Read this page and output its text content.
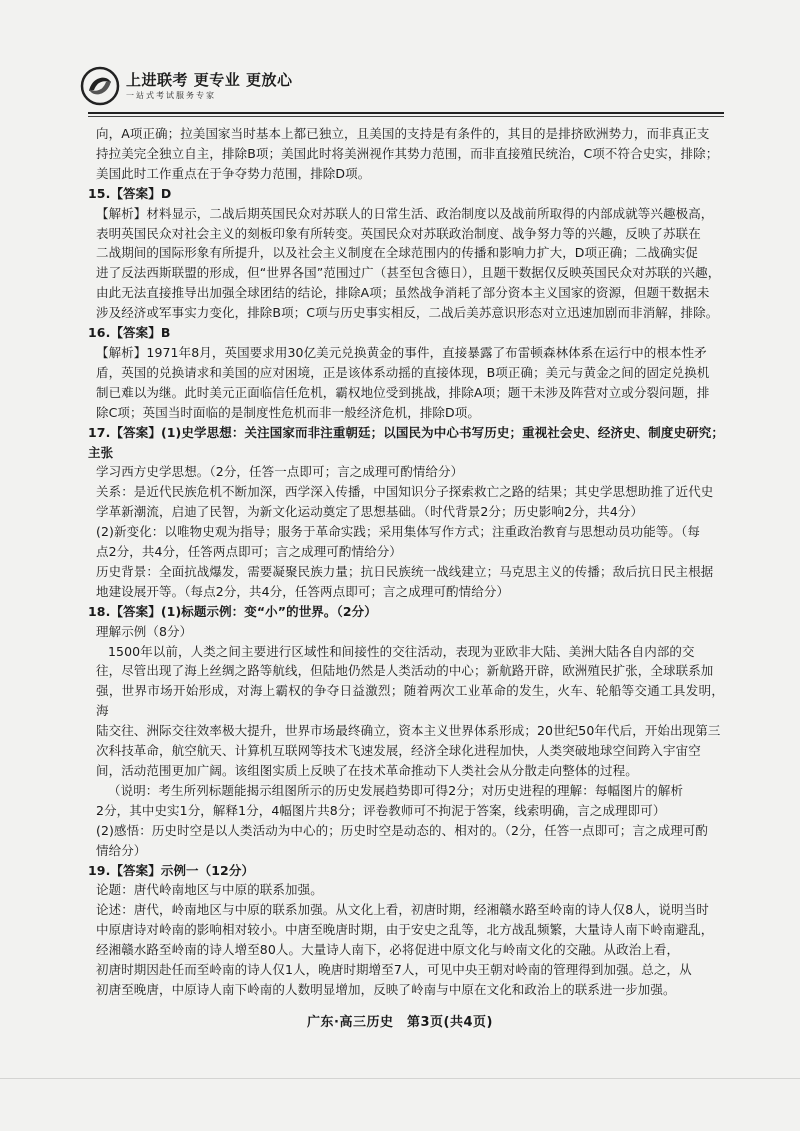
上进联考 更专业 更放心
一站式考试服务专家

向，A项正确；拉美国家当时基本上都已独立，且美国的支持是有条件的，其目的是排挤欧洲势力，而非真正支

持拉美完全独立自主，排除B项；美国此时将美洲视作其势力范围，而非直接殖民统治，C项不符合史实，排除；

美国此时工作重点在于争夺势力范围，排除D项。

15.【答案】D

【解析】材料显示，二战后期英国民众对苏联人的日常生活、政治制度以及战前所取得的内部成就等兴趣极高，

表明英国民众对社会主义的刻板印象有所转变。英国民众对苏联政治制度、战争努力等的兴趣，反映了苏联在

二战期间的国际形象有所提升，以及社会主义制度在全球范围内的传播和影响力扩大，D项正确；二战确实促

进了反法西斯联盟的形成，但“世界各国”范围过广（甚至包含德日），且题干数据仅反映英国民众对苏联的兴趣，

由此无法直接推导出加强全球团结的结论，排除A项；虽然战争消耗了部分资本主义国家的资源，但题干数据未

涉及经济或军事实力变化，排除B项；C项与历史事实相反，二战后美苏意识形态对立迅速加剧而非消解，排除。

16.【答案】B

【解析】1971年8月，英国要求用30亿美元兑换黄金的事件，直接暴露了布雷顿森林体系在运行中的根本性矛

盾，英国的兑换请求和美国的应对困境，正是该体系动摇的直接体现，B项正确；美元与黄金之间的固定兑换机

制已难以为继。此时美元正面临信任危机，霸权地位受到挑战，排除A项；题干未涉及阵营对立或分裂问题，排

除C项；英国当时面临的是制度性危机而非一般经济危机，排除D项。

17.【答案】(1)史学思想：关注国家而非注重朝廷；以国民为中心书写历史；重视社会史、经济史、制度史研究；主张

学习西方史学思想。（2分，任答一点即可；言之成理可酌情给分）

关系：是近代民族危机不断加深，西学深入传播，中国知识分子探索救亡之路的结果；其史学思想助推了近代史

学革新潮流，启迪了民智，为新文化运动奠定了思想基础。（时代背景2分；历史影响2分，共4分）

(2)新变化：以唯物史观为指导；服务于革命实践；采用集体写作方式；注重政治教育与思想动员功能等。（每

点2分，共4分，任答两点即可；言之成理可酌情给分）

历史背景：全面抗战爆发，需要凝聚民族力量；抗日民族统一战线建立；马克思主义的传播；敌后抗日民主根据

地建设展开等。（每点2分，共4分，任答两点即可；言之成理可酌情给分）

18.【答案】(1)标题示例：变“小”的世界。（2分）

理解示例（8分）

1500年以前，人类之间主要进行区域性和间接性的交往活动，表现为亚欧非大陆、美洲大陆各自内部的交

往，尽管出现了海上丝绸之路等航线，但陆地仍然是人类活动的中心；新航路开辟，欧洲殖民扩张，全球联系加

强，世界市场开始形成，对海上霸权的争夺日益激烈；随着两次工业革命的发生，火车、轮船等交通工具发明，海

陆交往、洲际交往效率极大提升，世界市场最终确立，资本主义世界体系形成；20世纪50年代后，开始出现第三

次科技革命，航空航天、计算机互联网等技术飞速发展，经济全球化进程加快，人类突破地球空间跨入宇宙空

间，活动范围更加广阔。该组图实质上反映了在技术革命推动下人类社会从分散走向整体的过程。

（说明：考生所列标题能揭示组图所示的历史发展趋势即可得2分；对历史进程的理解：每幅图片的解析

2分，其中史实1分，解释1分，4幅图片共8分；评卷教师可不拘泥于答案，线索明确，言之成理即可）

(2)感悟：历史时空是以人类活动为中心的；历史时空是动态的、相对的。（2分，任答一点即可；言之成理可酌

情给分）

19.【答案】示例一（12分）

论题：唐代岭南地区与中原的联系加强。

论述：唐代，岭南地区与中原的联系加强。从文化上看，初唐时期，经湘赣水路至岭南的诗人仅8人，说明当时

中原唐诗对岭南的影响相对较小。中唐至晚唐时期，由于安史之乱等，北方战乱频繁，大量诗人南下岭南避乱，

经湘赣水路至岭南的诗人增至80人。大量诗人南下，必将促进中原文化与岭南文化的交融。从政治上看，

初唐时期因赴任而至岭南的诗人仅1人，晚唐时期增至7人，可见中央王朝对岭南的管理得到加强。总之，从

初唐至晚唐，中原诗人南下岭南的人数明显增加，反映了岭南与中原在文化和政治上的联系进一步加强。

广东·高三历史　第3页(共4页)
